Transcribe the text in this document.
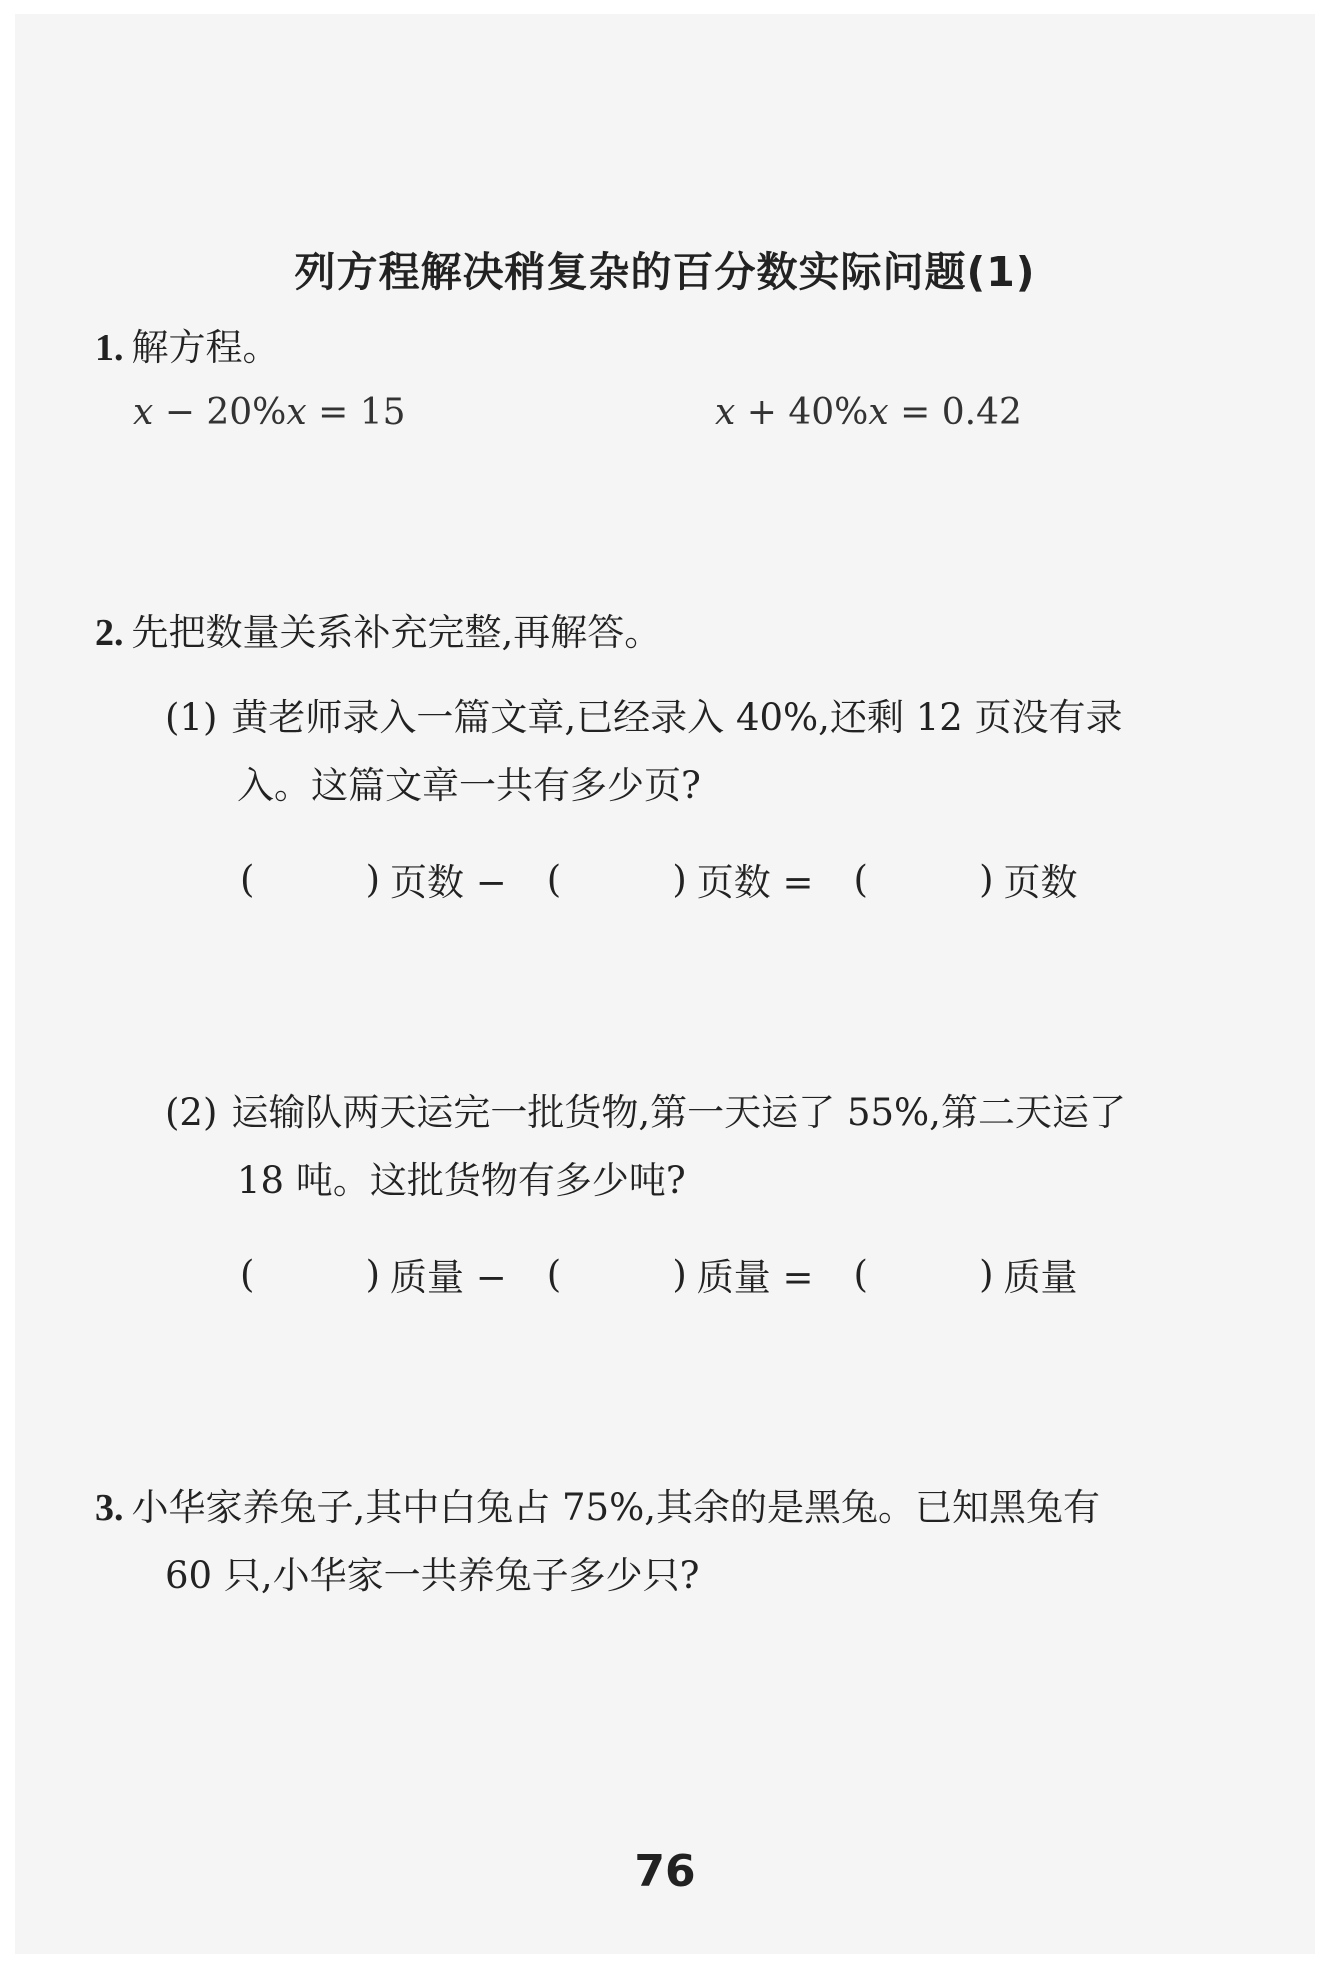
列方程解决稍复杂的百分数实际问题(1)
1. 解方程。
x − 20%x = 15	x + 40%x = 0.42
2. 先把数量关系补充完整,再解答。
(1) 黄老师录入一篇文章,已经录入 40%,还剩 12 页没有录
入。这篇文章一共有多少页?
(	) 页数 − (	) 页数 = (	) 页数
(2) 运输队两天运完一批货物,第一天运了 55%,第二天运了
18 吨。这批货物有多少吨?
(	) 质量 − (	) 质量 = (	) 质量
3. 小华家养兔子,其中白兔占 75%,其余的是黑兔。已知黑兔有
60 只,小华家一共养兔子多少只?
76
